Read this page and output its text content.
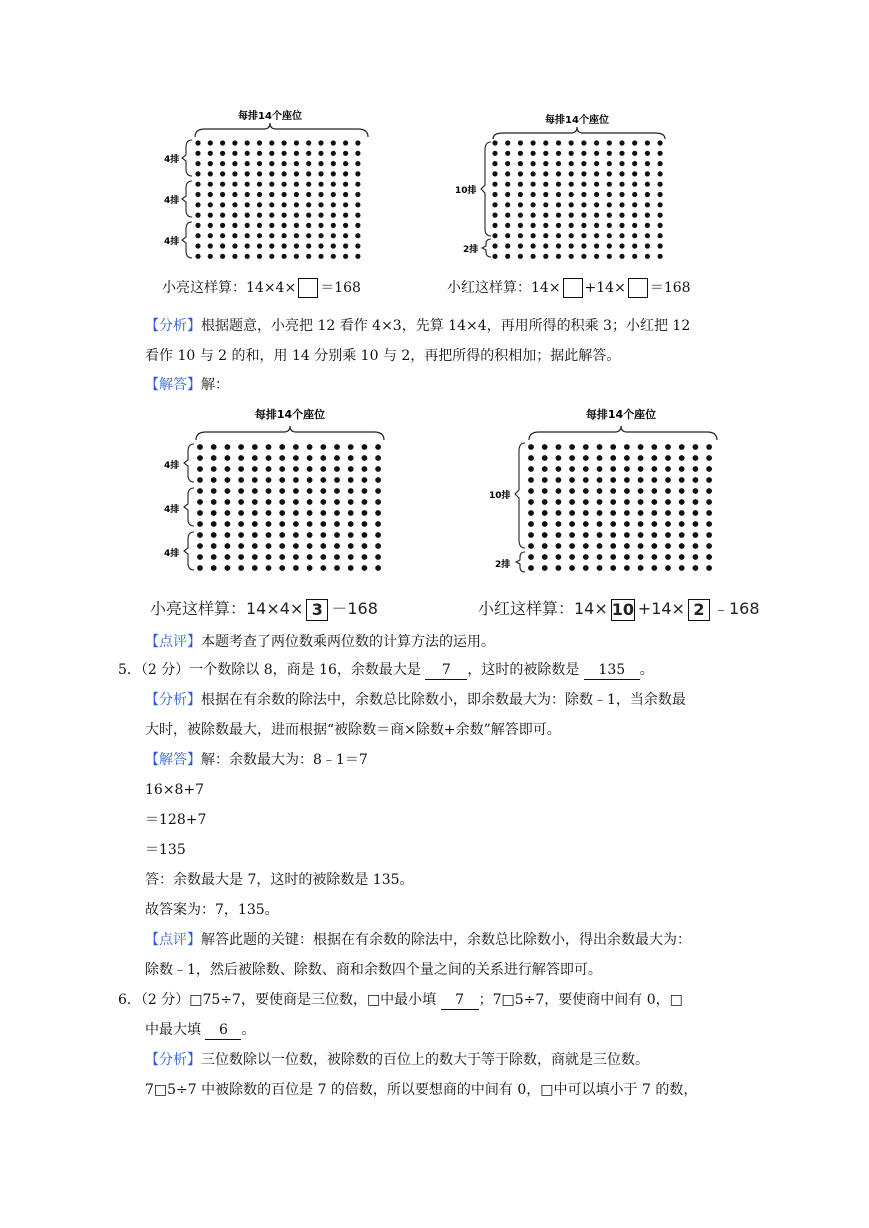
每排14个座位
4排
4排
4排
小亮这样算：14×4× ＝168
每排14个座位
10排
2排
小红这样算：14× +14× ＝168
【分析】根据题意，小亮把 12 看作 4×3，先算 14×4，再用所得的积乘 3；小红把 12
看作 10 与 2 的和，用 14 分别乘 10 与 2，再把所得的积相加；据此解答。
【解答】解：
每排14个座位
4排
4排
4排
小亮这样算：14×4× 3 －168
每排14个座位
10排
2排
小红这样算：14× 10 +14× 2 ﹣168
【点评】本题考查了两位数乘两位数的计算方法的运用。
5．（2 分）一个数除以 8，商是 16，余数最大是 7 ，这时的被除数是 135 。
【分析】根据在有余数的除法中，余数总比除数小，即余数最大为：除数﹣1，当余数最
大时，被除数最大，进而根据“被除数＝商×除数+余数”解答即可。
【解答】解：余数最大为：8﹣1＝7
16×8+7
＝128+7
＝135
答：余数最大是 7，这时的被除数是 135。
故答案为：7，135。
【点评】解答此题的关键：根据在有余数的除法中，余数总比除数小，得出余数最大为：
除数﹣1，然后被除数、除数、商和余数四个量之间的关系进行解答即可。
6．（2 分）□75÷7，要使商是三位数，□中最小填 7 ；7□5÷7，要使商中间有 0，□
中最大填 6 。
【分析】三位数除以一位数，被除数的百位上的数大于等于除数，商就是三位数。
7□5÷7 中被除数的百位是 7 的倍数，所以要想商的中间有 0，□中可以填小于 7 的数，
